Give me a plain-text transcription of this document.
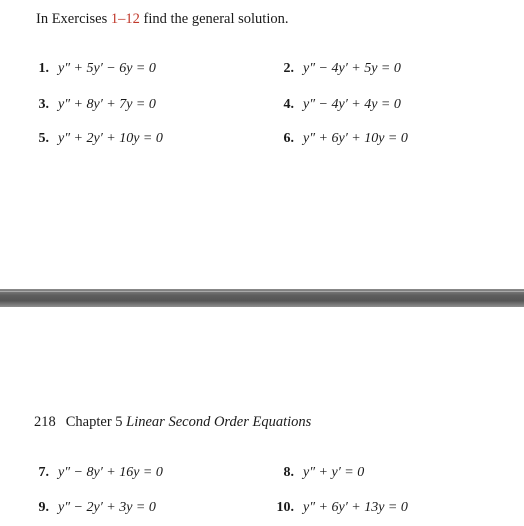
In Exercises 1–12 find the general solution.
1. y″ + 5y′ − 6y = 0	2. y″ − 4y′ + 5y = 0
3. y″ + 8y′ + 7y = 0	4. y″ − 4y′ + 4y = 0
5. y″ + 2y′ + 10y = 0	6. y″ + 6y′ + 10y = 0
218 Chapter 5 Linear Second Order Equations
7. y″ − 8y′ + 16y = 0	8. y″ + y′ = 0
9. y″ − 2y′ + 3y = 0	10. y″ + 6y′ + 13y = 0
